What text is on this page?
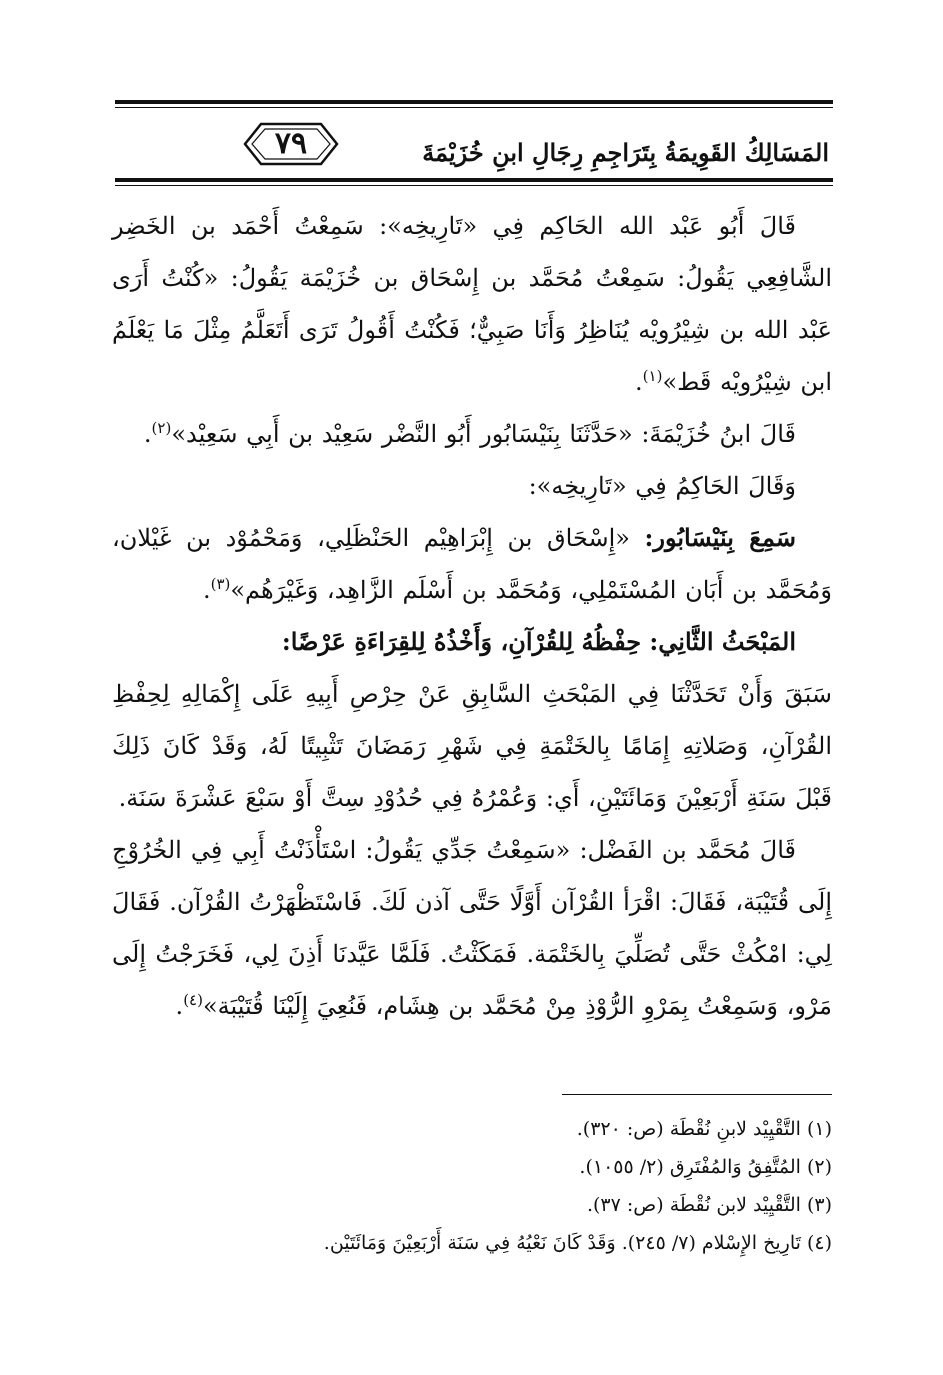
٧٩	المَسَالِكُ القَوِيمَةُ بِتَرَاجِمِ رِجَالِ ابنِ خُزَيْمَةَ

قَالَ أَبُو عَبْد الله الحَاكِم فِي «تَارِيخِه»: سَمِعْتُ أَحْمَد بن الخَضِر الشَّافِعِي يَقُولُ: سَمِعْتُ مُحَمَّد بن إِسْحَاق بن خُزَيْمَة يَقُولُ: «كُنْتُ أَرَى عَبْد الله بن شِيْرُويْه يُنَاظِرُ وَأَنَا صَبِيٌّ؛ فَكُنْتُ أَقُولُ تَرَى أَتَعَلَّمُ مِثْلَ مَا يَعْلَمُ ابن شِيْرُويْه قَط»$^{(١)}$.

قَالَ ابنُ خُزَيْمَةَ: «حَدَّثَنَا بِنَيْسَابُور أَبُو النَّضْر سَعِيْد بن أَبِي سَعِيْد»$^{(٢)}$.

وَقَالَ الحَاكِمُ فِي «تَارِيخِه»:

سَمِعَ بِنَيْسَابُور: «إِسْحَاق بن إِبْرَاهِيْم الحَنْظَلِي، وَمَحْمُوْد بن غَيْلان، وَمُحَمَّد بن أَبَان المُسْتَمْلِي، وَمُحَمَّد بن أَسْلَم الزَّاهِد، وَغَيْرَهُم»$^{(٣)}$.

المَبْحَثُ الثَّانِي: حِفْظُهُ لِلقُرْآنِ، وَأَخْذُهُ لِلقِرَاءَةِ عَرْضًا:

سَبَقَ وَأَنْ تَحَدَّثْنَا فِي المَبْحَثِ السَّابِقِ عَنْ حِرْصِ أَبِيهِ عَلَى إِكْمَالِهِ لِحِفْظِ القُرْآنِ، وَصَلاتِهِ إِمَامًا بِالخَتْمَةِ فِي شَهْرِ رَمَضَانَ تَثْبِيتًا لَهُ، وَقَدْ كَانَ ذَلِكَ قَبْلَ سَنَةِ أَرْبَعِيْنَ وَمَائَتَيْنِ، أَي: وَعُمْرُهُ فِي حُدُوْدِ سِتَّ أَوْ سَبْعَ عَشْرَةَ سَنَة.

قَالَ مُحَمَّد بن الفَضْل: «سَمِعْتُ جَدِّي يَقُولُ: اسْتَأْذَنْتُ أَبِي فِي الخُرُوْجِ إِلَى قُتَيْبَة، فَقَالَ: اقْرَأ القُرْآن أَوَّلًا حَتَّى آذن لَكَ. فَاسْتَظْهَرْتُ القُرْآن. فَقَالَ لِي: امْكُثْ حَتَّى تُصَلِّيَ بِالخَتْمَة. فَمَكَثْتُ. فَلَمَّا عَيَّدنَا أَذِنَ لِي، فَخَرَجْتُ إِلَى مَرْو، وَسَمِعْتُ بِمَرْوِ الرُّوْذِ مِنْ مُحَمَّد بن هِشَام، فَنُعِيَ إِلَيْنَا قُتَيْبَة»$^{(٤)}$.

(١) التَّقْيِيْد لابنِ نُقْطَة (ص: ٣٢٠).

(٢) المُتَّفِقُ وَالمُفْتَرِق (٢/ ١٠٥٥).

(٣) التَّقْيِيْد لابن نُقْطَة (ص: ٣٧).

(٤) تَارِيخ الإِسْلام (٧/ ٢٤٥). وَقَدْ كَانَ نَعْيُهُ فِي سَنَة أَرْبَعِيْنَ وَمَائَتَيْن.
